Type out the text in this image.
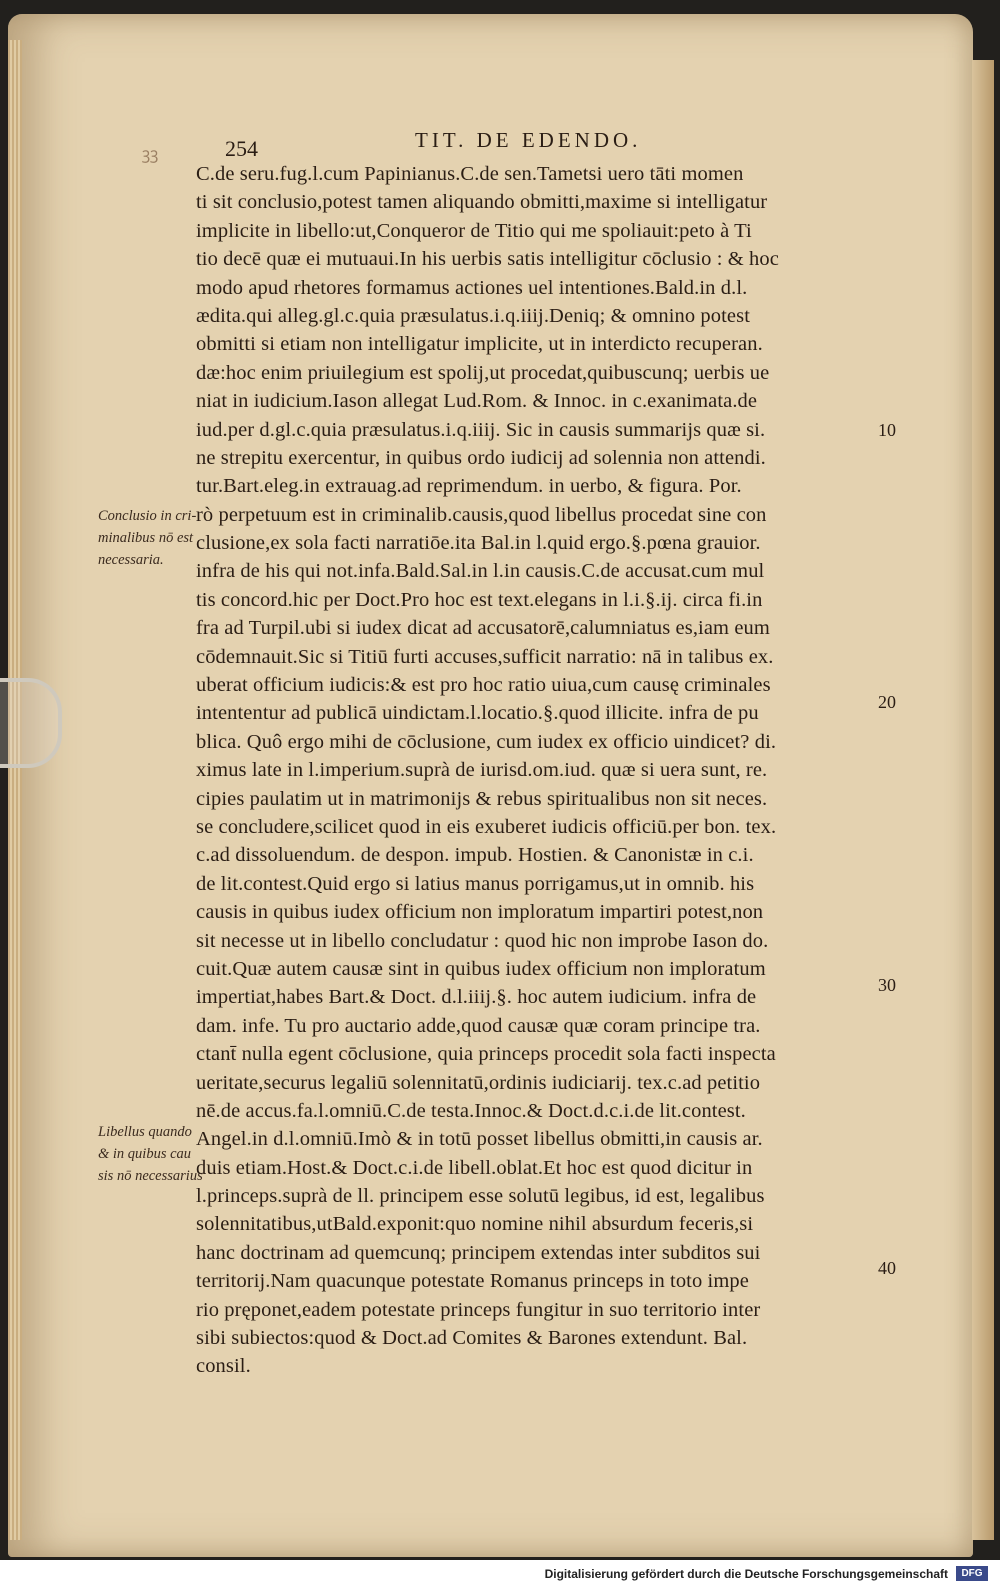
254	TIT. DE EDENDO.
ꝫꝫ
C.de seru.fug.l.cum Papinianus.C.de sen.Tametsi uero tāti momen
ti sit conclusio,potest tamen aliquando obmitti,maxime si intelligatur
implicite in libello:ut,Conqueror de Titio qui me spoliauit:peto à Ti
tio decē quæ ei mutuaui.In his uerbis satis intelligitur cōclusio : & hoc
modo apud rhetores formamus actiones uel intentiones.Bald.in d.l.
ædita.qui alleg.gl.c.quia præsulatus.i.q.iiij.Deniq; & omnino potest
obmitti si etiam non intelligatur implicite, ut in interdicto recuperan.
dæ:hoc enim priuilegium est spolij,ut procedat,quibuscunq; uerbis ue
niat in iudicium.Iason allegat Lud.Rom. & Innoc. in c.exanimata.de
iud.per d.gl.c.quia præsulatus.i.q.iiij. Sic in causis summarijs quæ si.
ne strepitu exercentur, in quibus ordo iudicij ad solennia non attendi.
tur.Bart.eleg.in extrauag.ad reprimendum. in uerbo, & figura. Por.
rò perpetuum est in criminalib.causis,quod libellus procedat sine con
clusione,ex sola facti narratiōe.ita Bal.in l.quid ergo.§.pœna grauior.
infra de his qui not.infa.Bald.Sal.in l.in causis.C.de accusat.cum mul
tis concord.hic per Doct.Pro hoc est text.elegans in l.i.§.ij. circa fi.in
fra ad Turpil.ubi si iudex dicat ad accusatorē,calumniatus es,iam eum
cōdemnauit.Sic si Titiū furti accuses,sufficit narratio: nā in talibus ex.
uberat officium iudicis:& est pro hoc ratio uiua,cum causę criminales
intententur ad publicā uindictam.l.locatio.§.quod illicite. infra de pu
blica. Quô ergo mihi de cōclusione, cum iudex ex officio uindicet? di.
ximus late in l.imperium.suprà de iurisd.om.iud. quæ si uera sunt, re.
cipies paulatim ut in matrimonijs & rebus spiritualibus non sit neces.
se concludere,scilicet quod in eis exuberet iudicis officiū.per bon. tex.
c.ad dissoluendum. de despon. impub. Hostien. & Canonistæ in c.i.
de lit.contest.Quid ergo si latius manus porrigamus,ut in omnib. his
causis in quibus iudex officium non imploratum impartiri potest,non
sit necesse ut in libello concludatur : quod hic non improbe Iason do.
cuit.Quæ autem causæ sint in quibus iudex officium non imploratum
impertiat,habes Bart.& Doct. d.l.iiij.§. hoc autem iudicium. infra de
dam. infe. Tu pro auctario adde,quod causæ quæ coram principe tra.
ctant̄ nulla egent cōclusione, quia princeps procedit sola facti inspecta
ueritate,securus legaliū solennitatū,ordinis iudiciarij. tex.c.ad petitio
nē.de accus.fa.l.omniū.C.de testa.Innoc.& Doct.d.c.i.de lit.contest.
Angel.in d.l.omniū.Imò & in totū posset libellus obmitti,in causis ar.
duis etiam.Host.& Doct.c.i.de libell.oblat.Et hoc est quod dicitur in
l.princeps.suprà de ll. principem esse solutū legibus, id est, legalibus
solennitatibus,utBald.exponit:quo nomine nihil absurdum feceris,si
hanc doctrinam ad quemcunq; principem extendas inter subditos sui
territorij.Nam quacunque potestate Romanus princeps in toto impe
rio pręponet,eadem potestate princeps fungitur in suo territorio inter
sibi subiectos:quod & Doct.ad Comites & Barones extendunt. Bal.
consil.

Conclusio in cri-
minalibus nō est
necessaria.
Libellus quando
& in quibus cau
sis nō necessarius
10
20
30
40
Digitalisierung gefördert durch die Deutsche Forschungsgemeinschaft	DFG
